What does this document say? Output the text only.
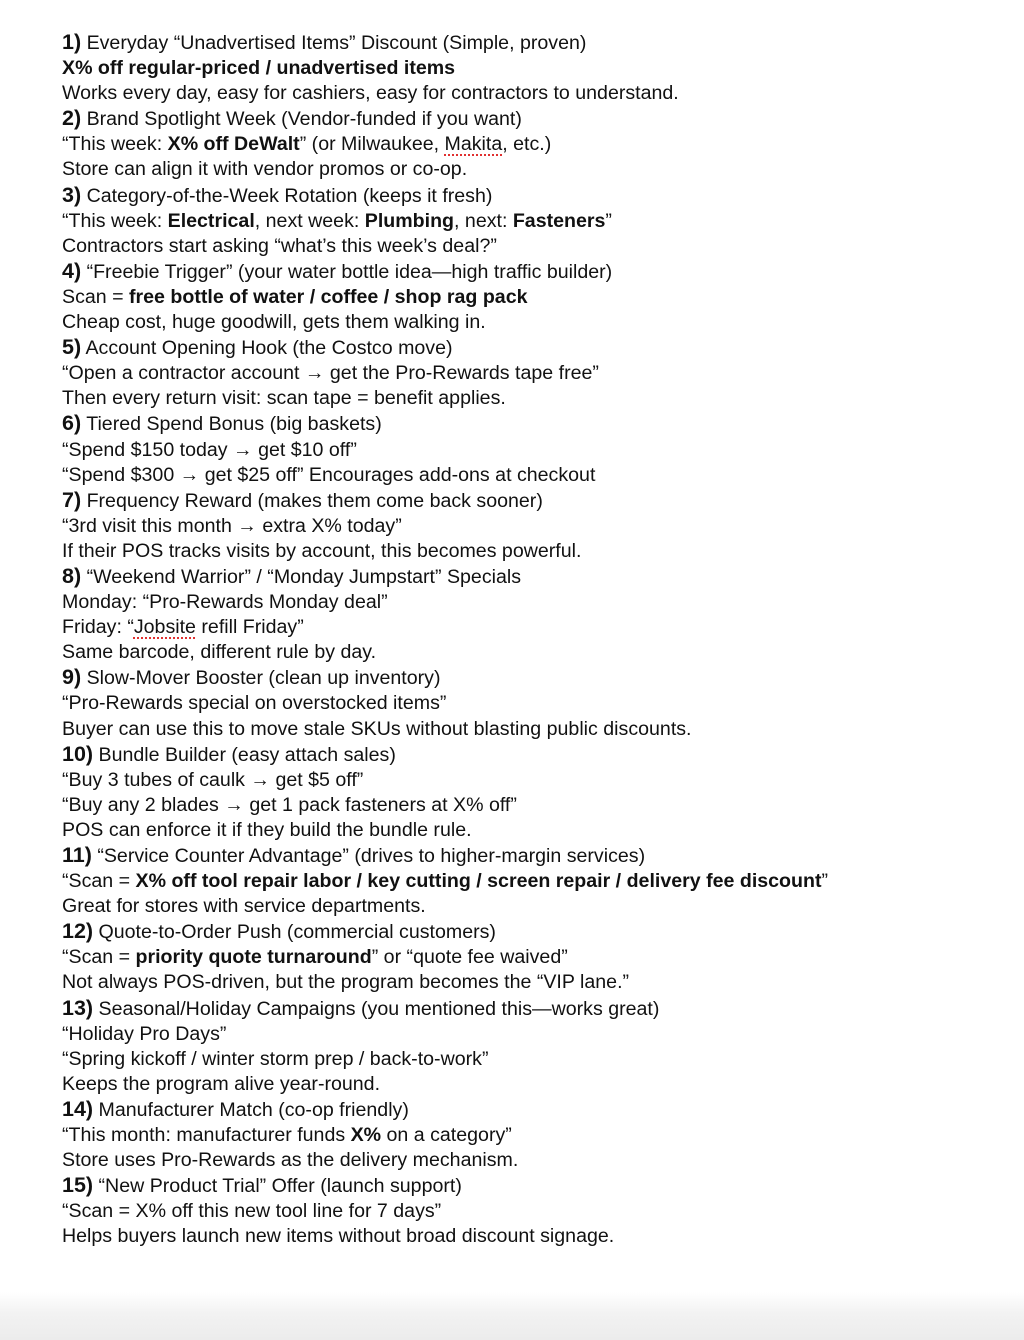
1) Everyday “Unadvertised Items” Discount (Simple, proven)
X% off regular-priced / unadvertised items
Works every day, easy for cashiers, easy for contractors to understand.
2) Brand Spotlight Week (Vendor-funded if you want)
“This week: X% off DeWalt” (or Milwaukee, Makita, etc.)
Store can align it with vendor promos or co-op.
3) Category-of-the-Week Rotation (keeps it fresh)
“This week: Electrical, next week: Plumbing, next: Fasteners”
Contractors start asking “what’s this week’s deal?”
4) “Freebie Trigger” (your water bottle idea—high traffic builder)
Scan = free bottle of water / coffee / shop rag pack
Cheap cost, huge goodwill, gets them walking in.
5) Account Opening Hook (the Costco move)
“Open a contractor account → get the Pro-Rewards tape free”
Then every return visit: scan tape = benefit applies.
6) Tiered Spend Bonus (big baskets)
“Spend $150 today → get $10 off”
“Spend $300 → get $25 off” Encourages add-ons at checkout
7) Frequency Reward (makes them come back sooner)
“3rd visit this month → extra X% today”
If their POS tracks visits by account, this becomes powerful.
8) “Weekend Warrior” / “Monday Jumpstart” Specials
Monday: “Pro-Rewards Monday deal”
Friday: “Jobsite refill Friday”
Same barcode, different rule by day.
9) Slow-Mover Booster (clean up inventory)
“Pro-Rewards special on overstocked items”
Buyer can use this to move stale SKUs without blasting public discounts.
10) Bundle Builder (easy attach sales)
“Buy 3 tubes of caulk → get $5 off”
“Buy any 2 blades → get 1 pack fasteners at X% off”
POS can enforce it if they build the bundle rule.
11) “Service Counter Advantage” (drives to higher-margin services)
“Scan = X% off tool repair labor / key cutting / screen repair / delivery fee discount”
Great for stores with service departments.
12) Quote-to-Order Push (commercial customers)
“Scan = priority quote turnaround” or “quote fee waived”
Not always POS-driven, but the program becomes the “VIP lane.”
13) Seasonal/Holiday Campaigns (you mentioned this—works great)
“Holiday Pro Days”
“Spring kickoff / winter storm prep / back-to-work”
Keeps the program alive year-round.
14) Manufacturer Match (co-op friendly)
“This month: manufacturer funds X% on a category”
Store uses Pro-Rewards as the delivery mechanism.
15) “New Product Trial” Offer (launch support)
“Scan = X% off this new tool line for 7 days”
Helps buyers launch new items without broad discount signage.
